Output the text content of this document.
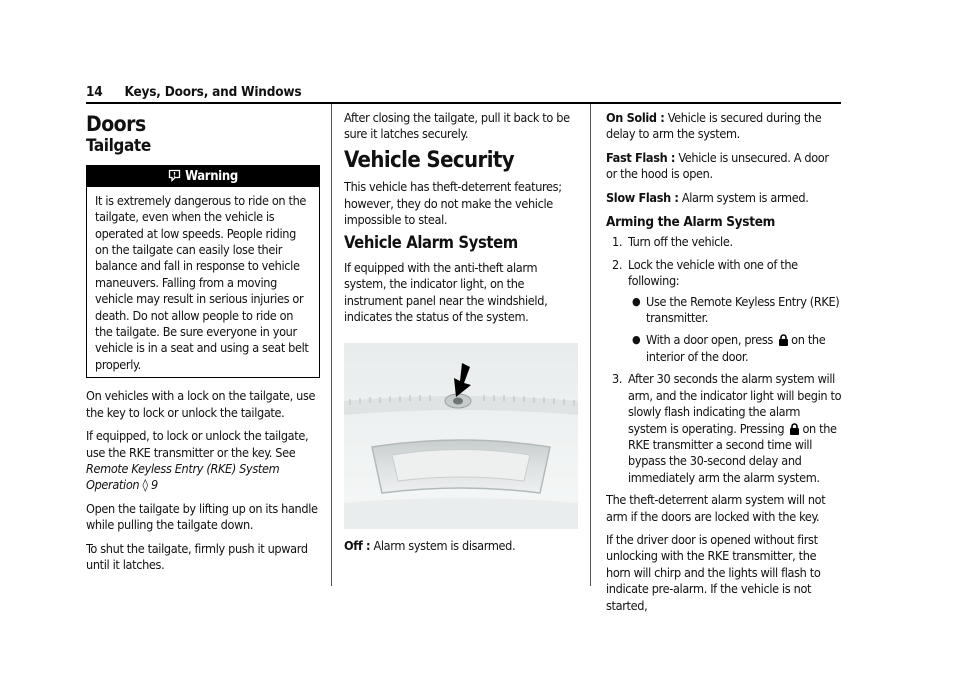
14 Keys, Doors, and Windows
Doors
Tailgate
Warning
It is extremely dangerous to ride on the tailgate, even when the vehicle is operated at low speeds. People riding on the tailgate can easily lose their balance and fall in response to vehicle maneuvers. Falling from a moving vehicle may result in serious injuries or death. Do not allow people to ride on the tailgate. Be sure everyone in your vehicle is in a seat and using a seat belt properly.

On vehicles with a lock on the tailgate, use the key to lock or unlock the tailgate.

If equipped, to lock or unlock the tailgate, use the RKE transmitter or the key. See Remote Keyless Entry (RKE) System Operation ◊ 9

Open the tailgate by lifting up on its handle while pulling the tailgate down.

To shut the tailgate, firmly push it upward until it latches.

After closing the tailgate, pull it back to be sure it latches securely.

Vehicle Security

This vehicle has theft-deterrent features; however, they do not make the vehicle impossible to steal.

Vehicle Alarm System

If equipped with the anti-theft alarm system, the indicator light, on the instrument panel near the windshield, indicates the status of the system.

Off : Alarm system is disarmed.

On Solid : Vehicle is secured during the delay to arm the system.

Fast Flash : Vehicle is unsecured. A door or the hood is open.

Slow Flash : Alarm system is armed.

Arming the Alarm System
1. Turn off the vehicle.
2. Lock the vehicle with one of the following:
● Use the Remote Keyless Entry (RKE) transmitter.
● With a door open, press on the interior of the door.
3. After 30 seconds the alarm system will arm, and the indicator light will begin to slowly flash indicating the alarm system is operating. Pressing on the RKE transmitter a second time will bypass the 30-second delay and immediately arm the alarm system.

The theft-deterrent alarm system will not arm if the doors are locked with the key.

If the driver door is opened without first unlocking with the RKE transmitter, the horn will chirp and the lights will flash to indicate pre-alarm. If the vehicle is not started,
